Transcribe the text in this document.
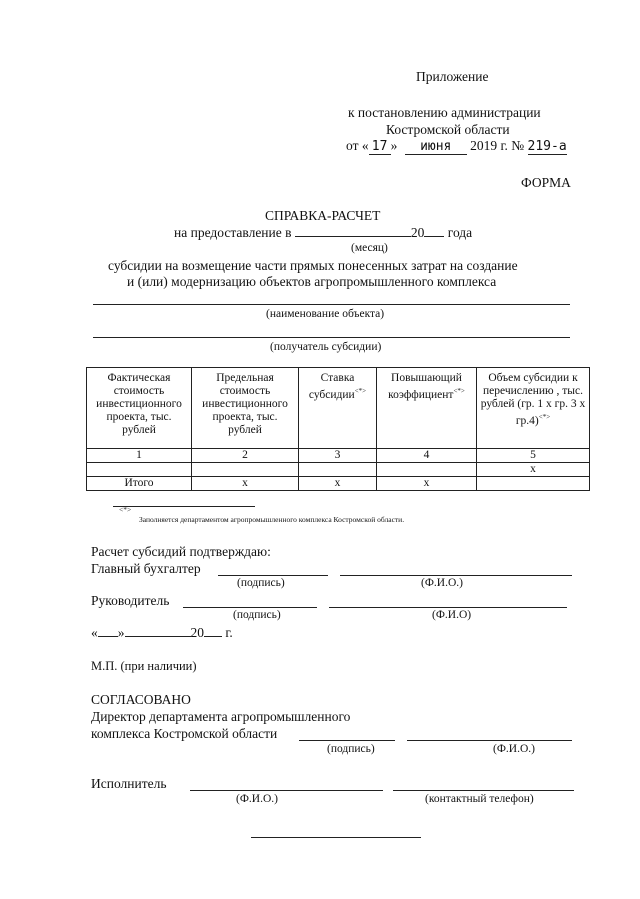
Приложение
к постановлению администрации
Костромской области
от « 17 » июня 2019 г. № 219-а
ФОРМА
СПРАВКА-РАСЧЕТ
на предоставление в	20 года
(месяц)
субсидии на возмещение части прямых понесенных затрат на создание
и (или) модернизацию объектов агропромышленного комплекса
(наименование объекта)
(получатель субсидии)
Фактическая стоимость инвестиционного проекта, тыс. рублей	Предельная стоимость инвестиционного проекта, тыс. рублей	Ставка субсидии<*>	Повышающий коэффициент<*>	Объем субсидии к перечислению , тыс. рублей (гр. 1 х гр. 3 х гр.4)<*>
1	2	3	4	5
				x
Итого	x	x	x	
<*>
Заполняется департаментом агропромышленного комплекса Костромской области.
Расчет субсидий подтверждаю:
Главный бухгалтер
(подпись)	(Ф.И.О.)
Руководитель
(подпись)	(Ф.И.О)
« »	20 г.
М.П. (при наличии)
СОГЛАСОВАНО
Директор департамента агропромышленного
комплекса Костромской области
(подпись)	(Ф.И.О.)
Исполнитель
(Ф.И.О.)	(контактный телефон)
